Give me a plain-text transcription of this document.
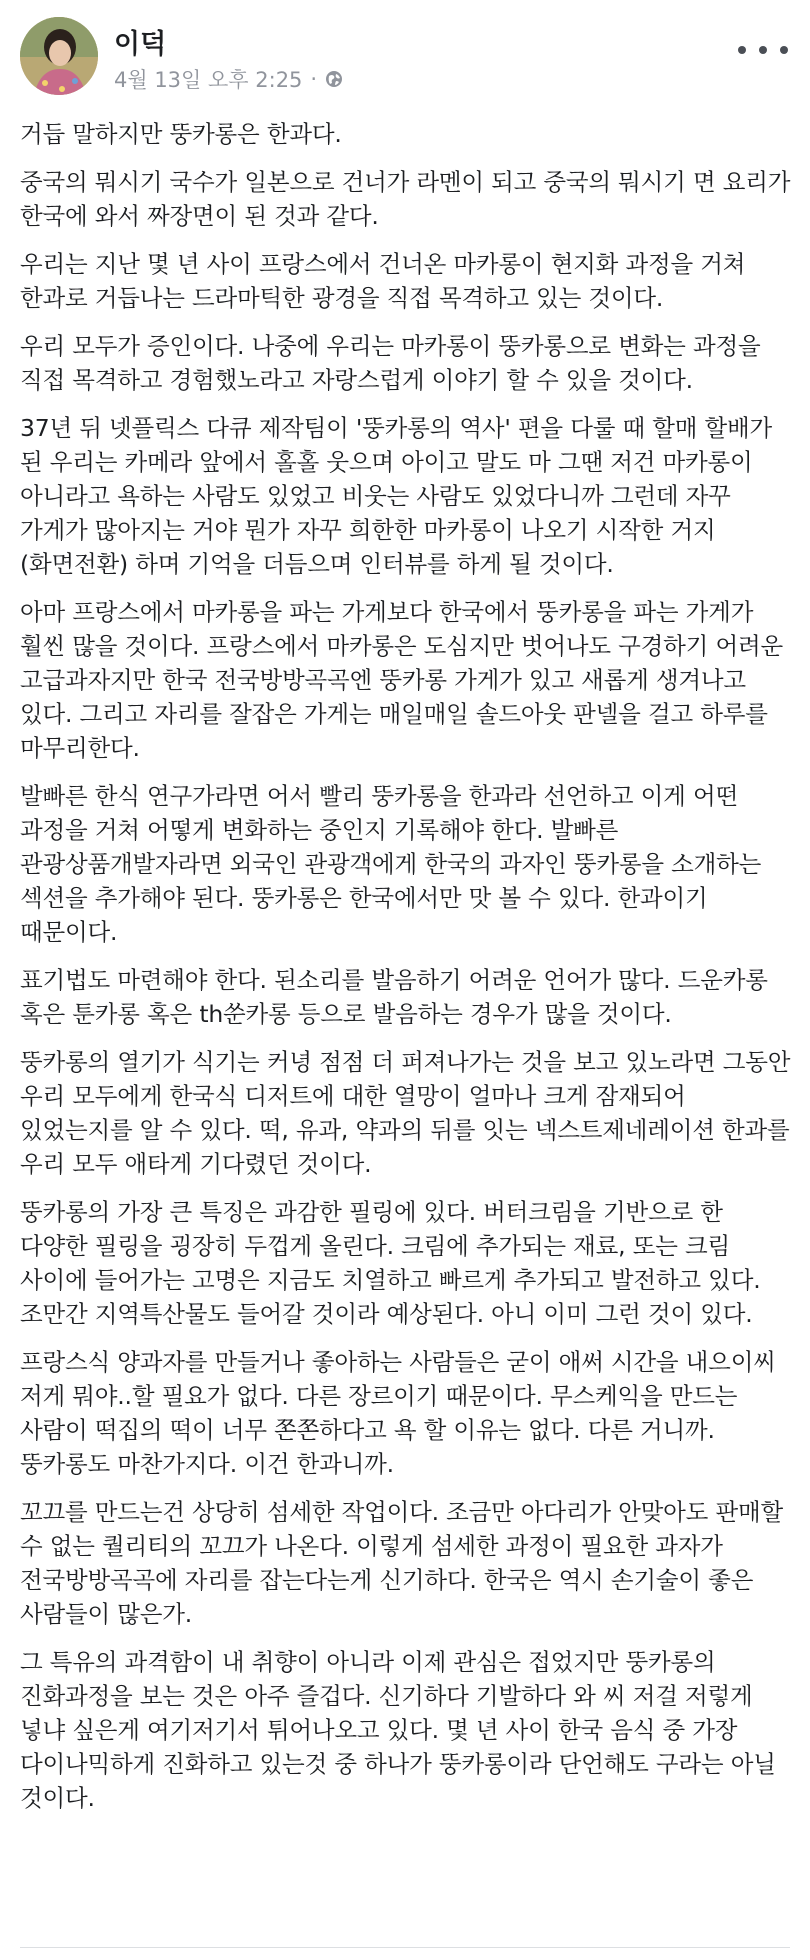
이덕
4월 13일 오후 2:25 ·

거듭 말하지만 뚱카롱은 한과다.

중국의 뭐시기 국수가 일본으로 건너가 라멘이 되고 중국의 뭐시기 면 요리가 한국에 와서 짜장면이 된 것과 같다.

우리는 지난 몇 년 사이 프랑스에서 건너온 마카롱이 현지화 과정을 거쳐 한과로 거듭나는 드라마틱한 광경을 직접 목격하고 있는 것이다.

우리 모두가 증인이다. 나중에 우리는 마카롱이 뚱카롱으로 변화는 과정을 직접 목격하고 경험했노라고 자랑스럽게 이야기 할 수 있을 것이다.

37년 뒤 넷플릭스 다큐 제작팀이 '뚱카롱의 역사' 편을 다룰 때 할매 할배가 된 우리는 카메라 앞에서 홀홀 웃으며 아이고 말도 마 그땐 저건 마카롱이 아니라고 욕하는 사람도 있었고 비웃는 사람도 있었다니까 그런데 자꾸 가게가 많아지는 거야 뭔가 자꾸 희한한 마카롱이 나오기 시작한 거지(화면전환) 하며 기억을 더듬으며 인터뷰를 하게 될 것이다.

아마 프랑스에서 마카롱을 파는 가게보다 한국에서 뚱카롱을 파는 가게가 훨씬 많을 것이다. 프랑스에서 마카롱은 도심지만 벗어나도 구경하기 어려운 고급과자지만 한국 전국방방곡곡엔 뚱카롱 가게가 있고 새롭게 생겨나고 있다. 그리고 자리를 잘잡은 가게는 매일매일 솔드아웃 판넬을 걸고 하루를 마무리한다.

발빠른 한식 연구가라면 어서 빨리 뚱카롱을 한과라 선언하고 이게 어떤 과정을 거쳐 어떻게 변화하는 중인지 기록해야 한다. 발빠른 관광상품개발자라면 외국인 관광객에게 한국의 과자인 뚱카롱을 소개하는 섹션을 추가해야 된다. 뚱카롱은 한국에서만 맛 볼 수 있다. 한과이기 때문이다.

표기법도 마련해야 한다. 된소리를 발음하기 어려운 언어가 많다. 드운카롱 혹은 툰카롱 혹은 th쑨카롱 등으로 발음하는 경우가 많을 것이다.

뚱카롱의 열기가 식기는 커녕 점점 더 퍼져나가는 것을 보고 있노라면 그동안 우리 모두에게 한국식 디저트에 대한 열망이 얼마나 크게 잠재되어 있었는지를 알 수 있다. 떡, 유과, 약과의 뒤를 잇는 넥스트제네레이션 한과를 우리 모두 애타게 기다렸던 것이다.

뚱카롱의 가장 큰 특징은 과감한 필링에 있다. 버터크림을 기반으로 한 다양한 필링을 굉장히 두껍게 올린다. 크림에 추가되는 재료, 또는 크림 사이에 들어가는 고명은 지금도 치열하고 빠르게 추가되고 발전하고 있다. 조만간 지역특산물도 들어갈 것이라 예상된다. 아니 이미 그런 것이 있다.

프랑스식 양과자를 만들거나 좋아하는 사람들은 굳이 애써 시간을 내으이씨 저게 뭐야..할 필요가 없다. 다른 장르이기 때문이다. 무스케익을 만드는 사람이 떡집의 떡이 너무 쫀쫀하다고 욕 할 이유는 없다. 다른 거니까. 뚱카롱도 마찬가지다. 이건 한과니까.

꼬끄를 만드는건 상당히 섬세한 작업이다. 조금만 아다리가 안맞아도 판매할 수 없는 퀄리티의 꼬끄가 나온다. 이렇게 섬세한 과정이 필요한 과자가 전국방방곡곡에 자리를 잡는다는게 신기하다. 한국은 역시 손기술이 좋은 사람들이 많은가.

그 특유의 과격함이 내 취향이 아니라 이제 관심은 접었지만 뚱카롱의 진화과정을 보는 것은 아주 즐겁다. 신기하다 기발하다 와 씨 저걸 저렇게 넣냐 싶은게 여기저기서 튀어나오고 있다. 몇 년 사이 한국 음식 중 가장 다이나믹하게 진화하고 있는것 중 하나가 뚱카롱이라 단언해도 구라는 아닐 것이다.
